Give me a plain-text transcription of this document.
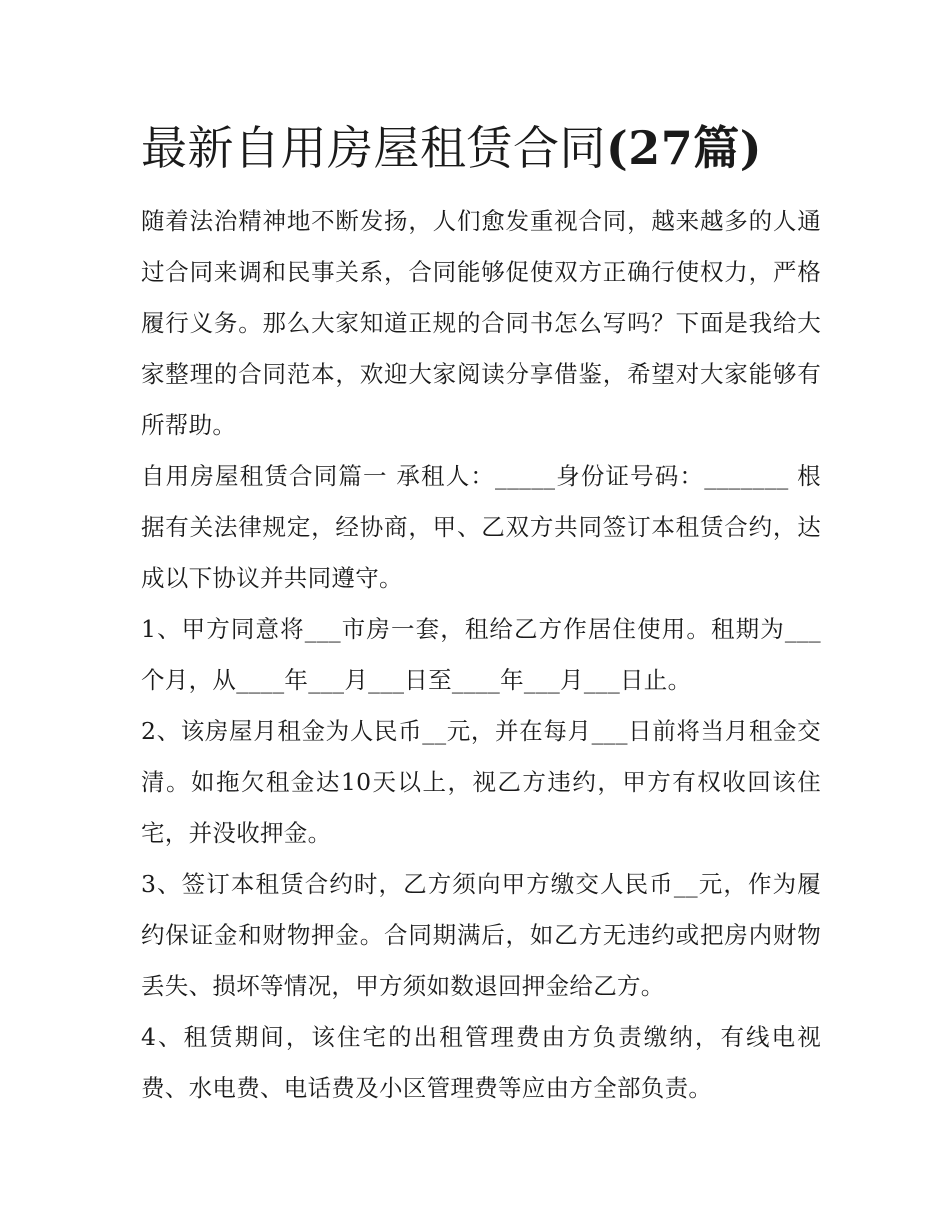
最新自用房屋租赁合同(27篇)

随着法治精神地不断发扬，人们愈发重视合同，越来越多的人通过合同来调和民事关系，合同能够促使双方正确行使权力，严格履行义务。那么大家知道正规的合同书怎么写吗？下面是我给大家整理的合同范本，欢迎大家阅读分享借鉴，希望对大家能够有所帮助。

自用房屋租赁合同篇一 承租人：_____身份证号码：_______ 根据有关法律规定，经协商，甲、乙双方共同签订本租赁合约，达成以下协议并共同遵守。

1、甲方同意将___市房一套，租给乙方作居住使用。租期为___个月，从____年___月___日至____年___月___日止。

2、该房屋月租金为人民币__元，并在每月___日前将当月租金交清。如拖欠租金达10天以上，视乙方违约，甲方有权收回该住宅，并没收押金。

3、签订本租赁合约时，乙方须向甲方缴交人民币__元，作为履约保证金和财物押金。合同期满后，如乙方无违约或把房内财物丢失、损坏等情况，甲方须如数退回押金给乙方。

4、租赁期间，该住宅的出租管理费由方负责缴纳，有线电视费、水电费、电话费及小区管理费等应由方全部负责。
